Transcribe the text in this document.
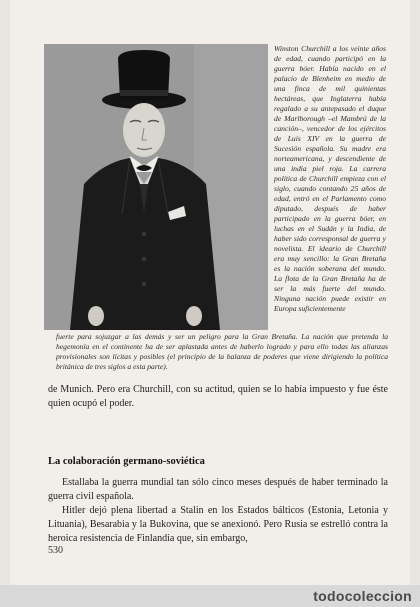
Winston Churchill a los veinte años de edad, cuando participó en la guerra bóer. Había nacido en el palacio de Blenheim en medio de una finca de mil quinientas hectáreas, que Inglaterra había regalado a su antepasado el duque de Marlborough –el Mambrú de la canción–, vencedor de los ejércitos de Luis XIV en la guerra de Sucesión española. Su madre era norteamericana, y descendiente de una india piel roja. La carrera política de Churchill empieza con el siglo, cuando contando 25 años de edad, entró en el Parlamento como diputado, después de haber participado en la guerra bóer, en luchas en el Sudán y la India, de haber sido corresponsal de guerra y novelista. El ideario de Churchill era muy sencillo: la Gran Bretaña es la nación soberana del mundo. La flota de la Gran Bretaña ha de ser la más fuerte del mundo. Ninguna nación puede existir en Europa suficientemente
fuerte para sojuzgar a las demás y ser un peligro para la Gran Bretaña. La nación que pretenda la hegemonía en el continente ha de ser aplastada antes de haberlo logrado y para ello todas las alianzas provisionales son lícitas y posibles (el principio de la balanza de poderes que viene dirigiendo la política británica de tres siglos a esta parte).
de Munich. Pero era Churchill, con su actitud, quien se lo había impuesto y fue éste quien ocupó el poder.
La colaboración germano-soviética
Estallaba la guerra mundial tan sólo cinco meses después de haber terminado la guerra civil española.
Hitler dejó plena libertad a Stalin en los Estados bálticos (Estonia, Letonia y Lituania), Besarabia y la Bukovina, que se anexionó. Pero Rusia se estrelló contra la heroica resistencia de Finlandia que, sin embargo,
530
todocoleccion
